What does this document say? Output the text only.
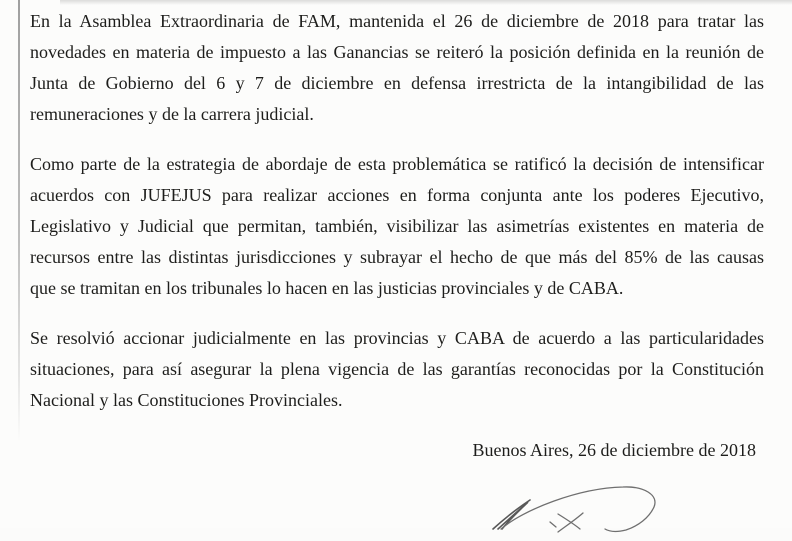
En la Asamblea Extraordinaria de FAM, mantenida el 26 de diciembre de 2018 para tratar las
novedades en materia de impuesto a las Ganancias se reiteró la posición definida en la reunión de
Junta de Gobierno del 6 y 7 de diciembre en defensa irrestricta de la intangibilidad de las
remuneraciones y de la carrera judicial.
Como parte de la estrategia de abordaje de esta problemática se ratificó la decisión de intensificar
acuerdos con JUFEJUS para realizar acciones en forma conjunta ante los poderes Ejecutivo,
Legislativo y Judicial que permitan, también, visibilizar las asimetrías existentes en materia de
recursos entre las distintas jurisdicciones y subrayar el hecho de que más del 85% de las causas
que se tramitan en los tribunales lo hacen en las justicias provinciales y de CABA.
Se resolvió accionar judicialmente en las provincias y CABA de acuerdo a las particularidades
situaciones, para así asegurar la plena vigencia de las garantías reconocidas por la Constitución
Nacional y las Constituciones Provinciales.
Buenos Aires, 26 de diciembre de 2018
